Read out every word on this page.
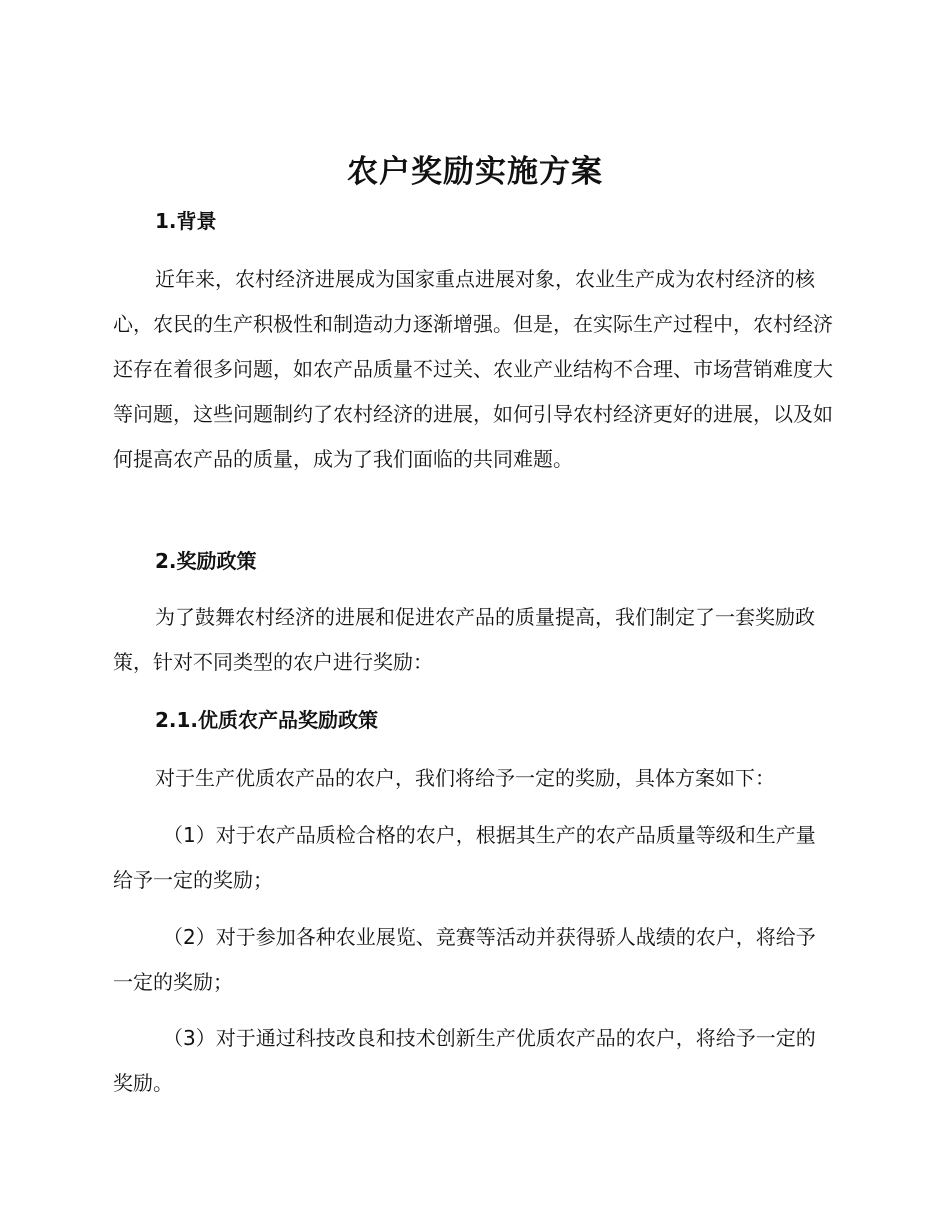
农户奖励实施方案
1.背景

近年来，农村经济进展成为国家重点进展对象，农业生产成为农村经济的核心，农民的生产积极性和制造动力逐渐增强。但是，在实际生产过程中，农村经济还存在着很多问题，如农产品质量不过关、农业产业结构不合理、市场营销难度大等问题，这些问题制约了农村经济的进展，如何引导农村经济更好的进展，以及如何提高农产品的质量，成为了我们面临的共同难题。

2.奖励政策

为了鼓舞农村经济的进展和促进农产品的质量提高，我们制定了一套奖励政策，针对不同类型的农户进行奖励：

2.1.优质农产品奖励政策

对于生产优质农产品的农户，我们将给予一定的奖励，具体方案如下：

（1）对于农产品质检合格的农户，根据其生产的农产品质量等级和生产量给予一定的奖励；

（2）对于参加各种农业展览、竞赛等活动并获得骄人战绩的农户，将给予一定的奖励；

（3）对于通过科技改良和技术创新生产优质农产品的农户，将给予一定的奖励。
